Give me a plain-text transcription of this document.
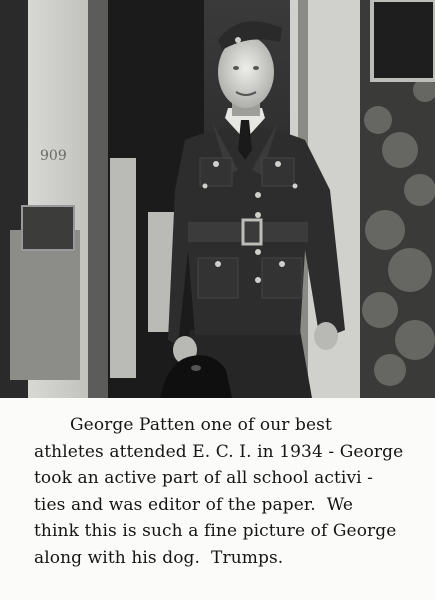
909
George Patten one of our best
athletes attended E. C. I. in 1934 - George
took an active part of all school activi -
ties and was editor of the paper.  We
think this is such a fine picture of George
along with his dog.  Trumps.
